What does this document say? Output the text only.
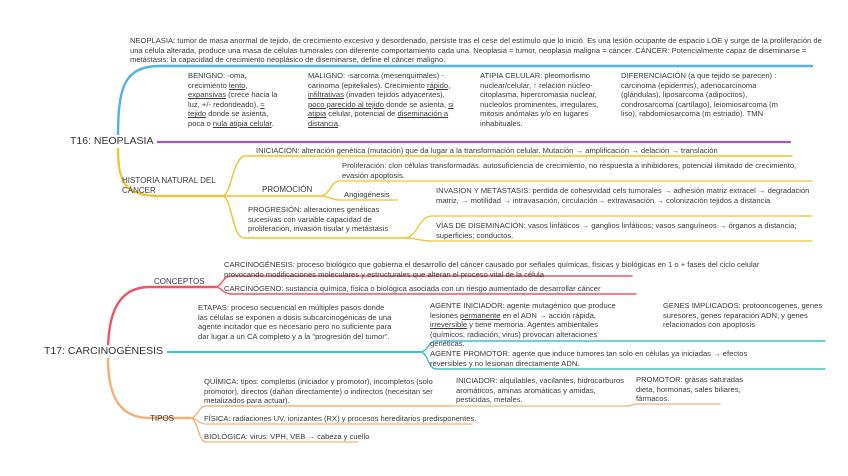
T16: NEOPLASIA
NEOPLASIA: tumor de masa anormal de tejido, de crecimiento excesivo y desordenado, persiste tras el cese del estímulo que lo inició. Es una lesión ocupante de espacio LOE y surge de la proliferación de una célula alterada, produce una masa de células tumorales con diferente comportamiento cada una. Neoplasia = tumor, neoplasia maligna = cáncer. CÁNCER: Potencialmente capaz de diseminarse = metástasis: la capacidad de crecimiento neoplásico de diseminarse, define el cáncer maligno.
BENIGNO: -oma, crecimiento lento, expansivas (crece hacia la luz, +/- redondeado), ≈ tejido donde se asienta, poca o nula atipia celular.
MALIGNO: -sarcoma (mesenquimales) -carinoma (epiteliales). Crecimiento rápido, infiltrativas (invaden tejidos adyacentes), poco parecido al tejido donde se asienta, si atipia celular, potencial de diseminación a distancia.
ATIPIA CELULAR: pleomorfismo nuclear/celular, ↑ relación núcleo-citoplasma, hipercromasia nuclear, nucleolos prominentes, irregulares, mitosis anómalas y/o en lugares inhabituales.
DIFERENCIACIÓN (a que tejido se parecen) : carcinoma (epidermis), adenocarcinoma (glándulas), liposarcoma (adipocitos), condrosarcoma (cartílago), leiomiosarcoma (m liso), rabdomiosarcoma (m estriado). TMN
HISTORIA NATURAL DEL CÁNCER
INICIACIÓN: alteración genética (mutación) que da lugar a la transformación celular. Mutación → amplificación → delación → translación
PROMOCIÓN
Proliferación: clon células transformadas. autosuficiencia de crecimiento, no respuesta a inhibidores, potencial ilimitado de crecimiento, evasión apoptosis.
Angiogénesis	INVASIÓN Y METÁSTASIS: perdida de cohesividad cels tumorales → adhesión matriz extracel → degradación matriz, → motilidad → intravasación, circulación→ extravasación → colonización tejidos a distancia
PROGRESIÓN: alteraciones genéticas sucesivas con variable capacidad de proliferación, invasión tisular y metástasis	VÍAS DE DISEMINACIÓN: vasos linfáticos → ganglios linfáticos; vasos sanguíneos → órganos a distancia; superficies; conductos.
T17: CARCINOGÉNESIS
CONCEPTOS
CARCINOGÉNESIS: proceso biológico que gobierna el desarrollo del cáncer causado por señales químicas, físicas y biológicas en 1 o + fases del ciclo celular provocando modificaciones moleculares y estructurales que alteran el proceso vital de la célula
CARCINÓGENO: sustancia química, física o biológica asociada con un riesgo aumentado de desarrollar cáncer
ETAPAS: proceso secuencial en múltiples pasos donde las células se exponen a dosis subcarcinogénicas de una agente incitador que es necesario pero no suficiente para dar lugar a un CA completo y a la "progresión del tumor".
AGENTE INICIADOR: agente mutagénico que produce lesiones permanente en el ADN → acción rápida, irreversible y tiene memoria. Agentes ambientales (químicos, radiación, virus) provocan alteraciones genéticas.
GENES IMPLICADOS: protooncogenes, genes suresores, genes reparación ADN, y genes relacionados con apoptosis
AGENTE PROMOTOR: agente que induce tumores tan solo en células ya iniciadas → efectos reversibles y no lesionan directamente ADN.
TIPOS
QUÍMICA: tipos: completos (iniciador y promotor), incompletos (solo promotor), directos (dañan directamente) o indirectos (necesitan ser metalizados para actuar).
INICIADOR: alquilables, vacilantes, hidrocarburos aromáticos, aminas aromáticas y amidas, pesticidas, metales.
PROMOTOR: grasas saturadas dieta, hormonas, sales biliares, fármacos.
FÍSICA: radiaciones UV, ionizantes (RX) y procesos hereditarios predisponentes.
BIOLÓGICA: virus: VPH, VEB → cabeza y cuello
